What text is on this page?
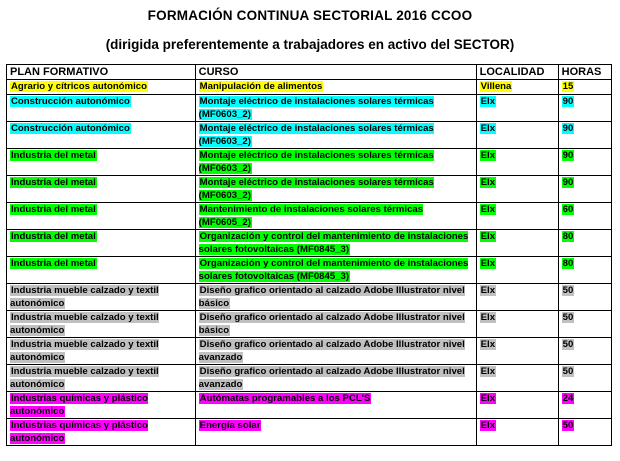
FORMACIÓN CONTINUA SECTORIAL 2016 CCOO
(dirigida preferentemente a trabajadores en activo del SECTOR)
PLAN FORMATIVO	CURSO	LOCALIDAD	HORAS
Agrario y cítricos autonómico	Manipulación de alimentos	Villena	15
Construcción autonómico	Montaje eléctrico de instalaciones solares térmicas (MF0603_2)	Elx	90
Construcción autonómico	Montaje eléctrico de instalaciones solares térmicas (MF0603_2)	Elx	90
Industria del metal	Montaje eléctrico de instalaciones solares térmicas (MF0603_2)	Elx	90
Industria del metal	Montaje eléctrico de instalaciones solares térmicas (MF0603_2)	Elx	90
Industria del metal	Mantenimiento de instalaciones solares térmicas (MF0605_2)	Elx	60
Industria del metal	Organización y control del mantenimiento de instalaciones solares fotovoltaicas (MF0845_3)	Elx	80
Industria del metal	Organización y control del mantenimiento de instalaciones solares fotovoltaicas (MF0845_3)	Elx	80
Industria mueble calzado y textil autonómico	Diseño grafico orientado al calzado Adobe Illustrator nivel básico	Elx	50
Industria mueble calzado y textil autonómico	Diseño grafico orientado al calzado Adobe Illustrator nivel básico	Elx	50
Industria mueble calzado y textil autonómico	Diseño grafico orientado al calzado Adobe Illustrator nivel avanzado	Elx	50
Industria mueble calzado y textil autonómico	Diseño grafico orientado al calzado Adobe Illustrator nivel avanzado	Elx	50
Industrias químicas y plástico autonómico	Autómatas programables a los PCL'S	Elx	24
Industrias químicas y plástico autonómico	Energía solar	Elx	50
